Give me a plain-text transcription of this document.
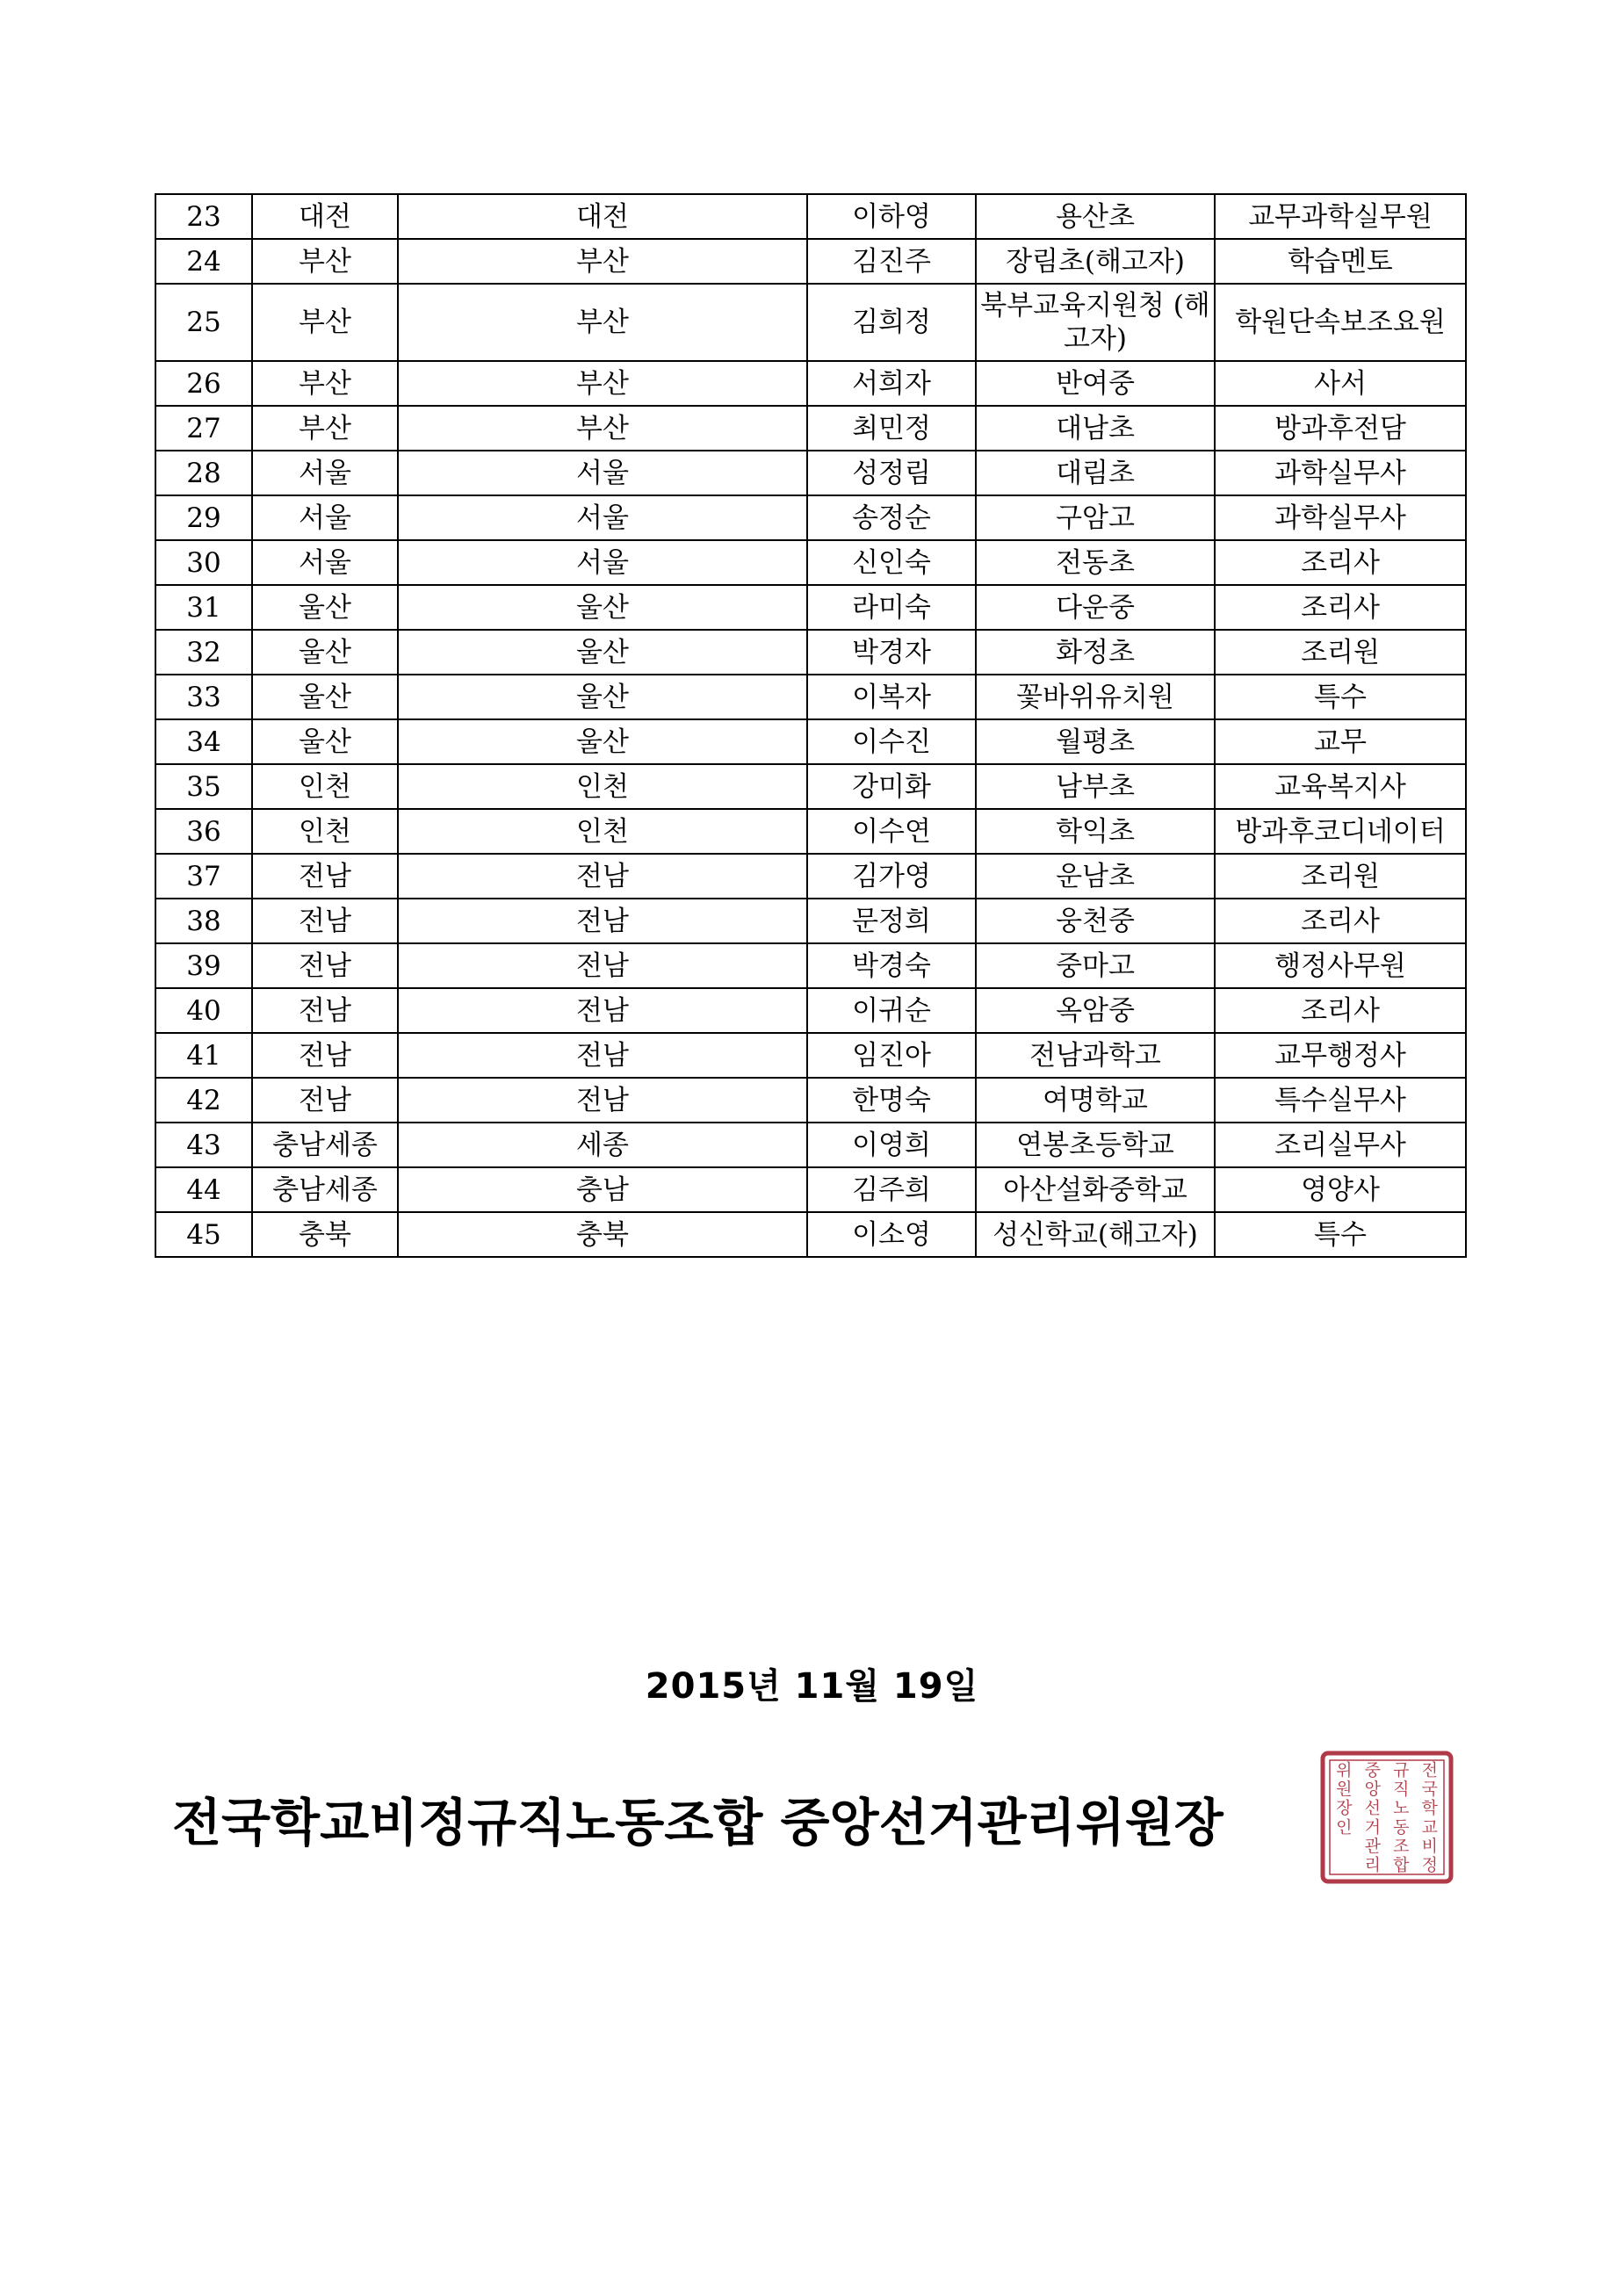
23	대전	대전	이하영	용산초	교무과학실무원
24	부산	부산	김진주	장림초(해고자)	학습멘토
25	부산	부산	김희정	북부교육지원청 (해고자)	학원단속보조요원
26	부산	부산	서희자	반여중	사서
27	부산	부산	최민정	대남초	방과후전담
28	서울	서울	성정림	대림초	과학실무사
29	서울	서울	송정순	구암고	과학실무사
30	서울	서울	신인숙	전동초	조리사
31	울산	울산	라미숙	다운중	조리사
32	울산	울산	박경자	화정초	조리원
33	울산	울산	이복자	꽃바위유치원	특수
34	울산	울산	이수진	월평초	교무
35	인천	인천	강미화	남부초	교육복지사
36	인천	인천	이수연	학익초	방과후코디네이터
37	전남	전남	김가영	운남초	조리원
38	전남	전남	문정희	웅천중	조리사
39	전남	전남	박경숙	중마고	행정사무원
40	전남	전남	이귀순	옥암중	조리사
41	전남	전남	임진아	전남과학고	교무행정사
42	전남	전남	한명숙	여명학교	특수실무사
43	충남세종	세종	이영희	연봉초등학교	조리실무사
44	충남세종	충남	김주희	아산설화중학교	영양사
45	충북	충북	이소영	성신학교(해고자)	특수
2015년 11월 19일
전국학교비정규직노동조합 중앙선거관리위원장
전
국
학
교
비
정
규
직
노
동
조
합
중
앙
선
거
관
리
위
원
장
인
